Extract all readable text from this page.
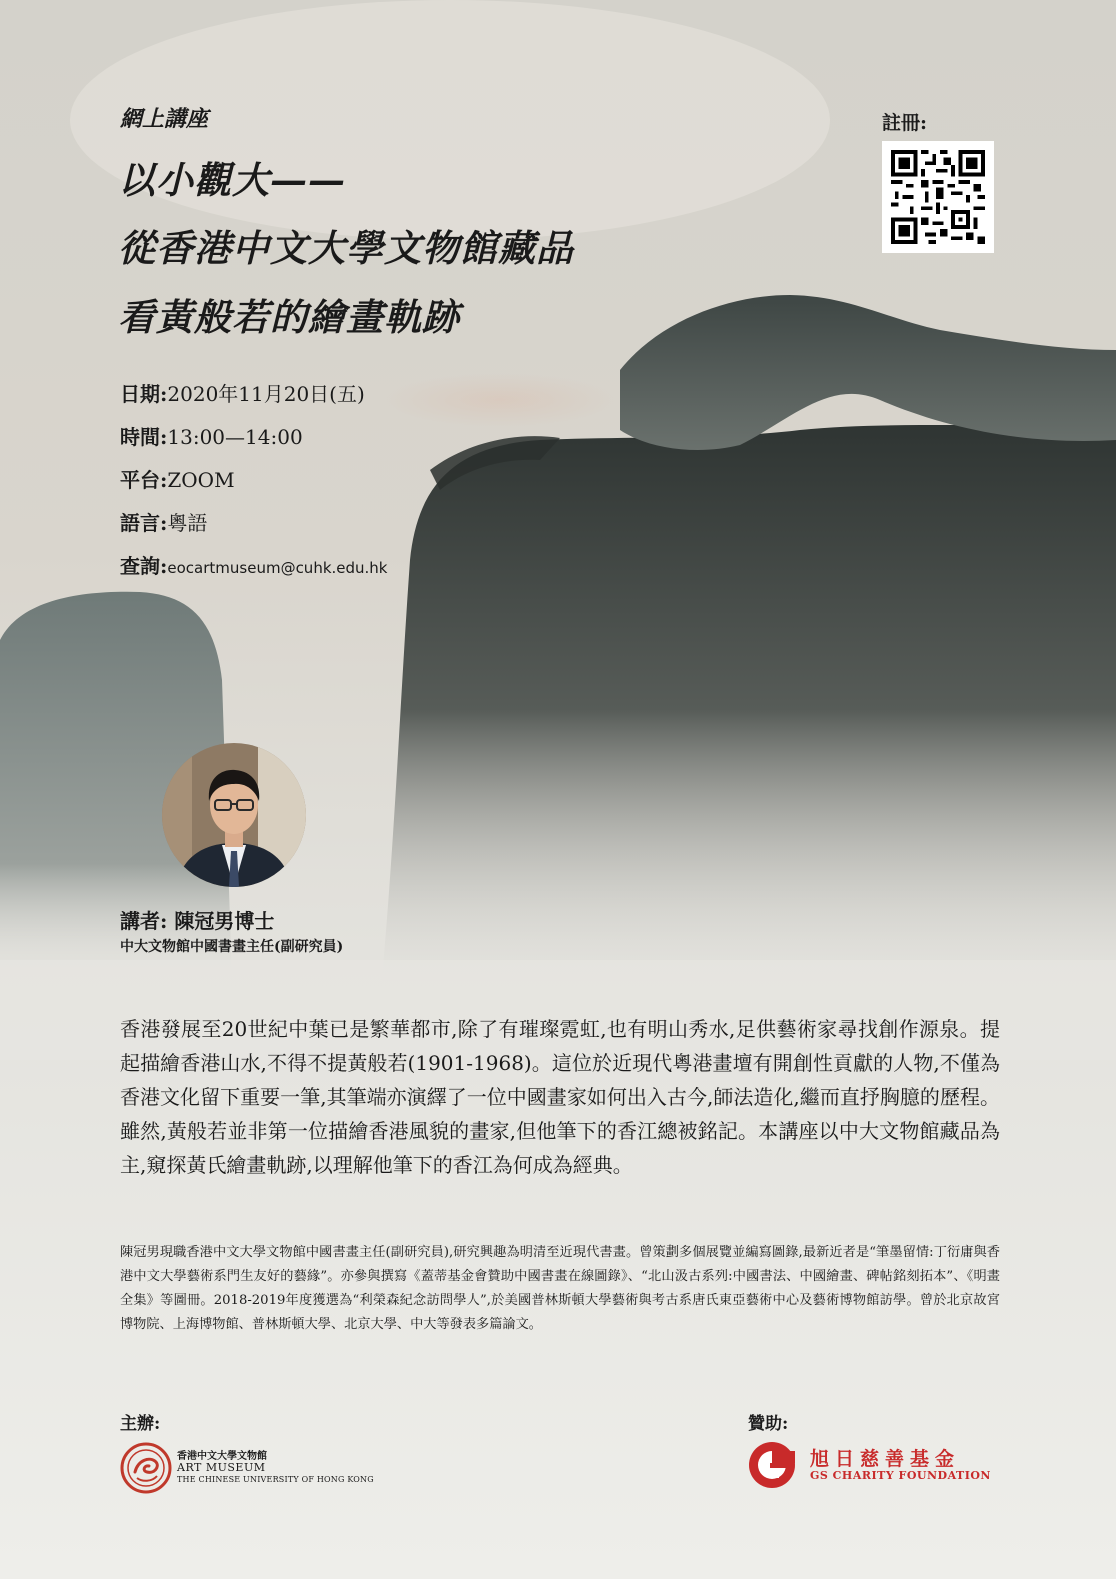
網上講座
以小觀大——
從香港中文大學文物館藏品
看黃般若的繪畫軌跡
註冊:
日期:2020年11月20日(五)
時間:13:00—14:00
平台:ZOOM
語言:粵語
查詢:eocartmuseum@cuhk.edu.hk
講者: 陳冠男博士
中大文物館中國書畫主任(副研究員)
香港發展至20世紀中葉已是繁華都市,除了有璀璨霓虹,也有明山秀水,足供藝術家尋找創作源泉。提起描繪香港山水,不得不提黃般若(1901-1968)。這位於近現代粵港畫壇有開創性貢獻的人物,不僅為香港文化留下重要一筆,其筆端亦演繹了一位中國畫家如何出入古今,師法造化,繼而直抒胸臆的歷程。雖然,黃般若並非第一位描繪香港風貌的畫家,但他筆下的香江總被銘記。本講座以中大文物館藏品為主,窺探黃氏繪畫軌跡,以理解他筆下的香江為何成為經典。
陳冠男現職香港中文大學文物館中國書畫主任(副研究員),研究興趣為明清至近現代書畫。曾策劃多個展覽並編寫圖錄,最新近者是“筆墨留情:丁衍庸與香港中文大學藝術系門生友好的藝緣”。亦參與撰寫《蓋蒂基金會贊助中國書畫在線圖錄》、“北山汲古系列:中國書法、中國繪畫、碑帖銘刻拓本”、《明畫全集》等圖冊。2018-2019年度獲選為“利榮森紀念訪問學人”,於美國普林斯頓大學藝術與考古系唐氏東亞藝術中心及藝術博物館訪學。曾於北京故宮博物院、上海博物館、普林斯頓大學、北京大學、中大等發表多篇論文。
主辦:
香港中文大學文物館
ART MUSEUM
THE CHINESE UNIVERSITY OF HONG KONG
贊助:
旭日慈善基金
GS CHARITY FOUNDATION
